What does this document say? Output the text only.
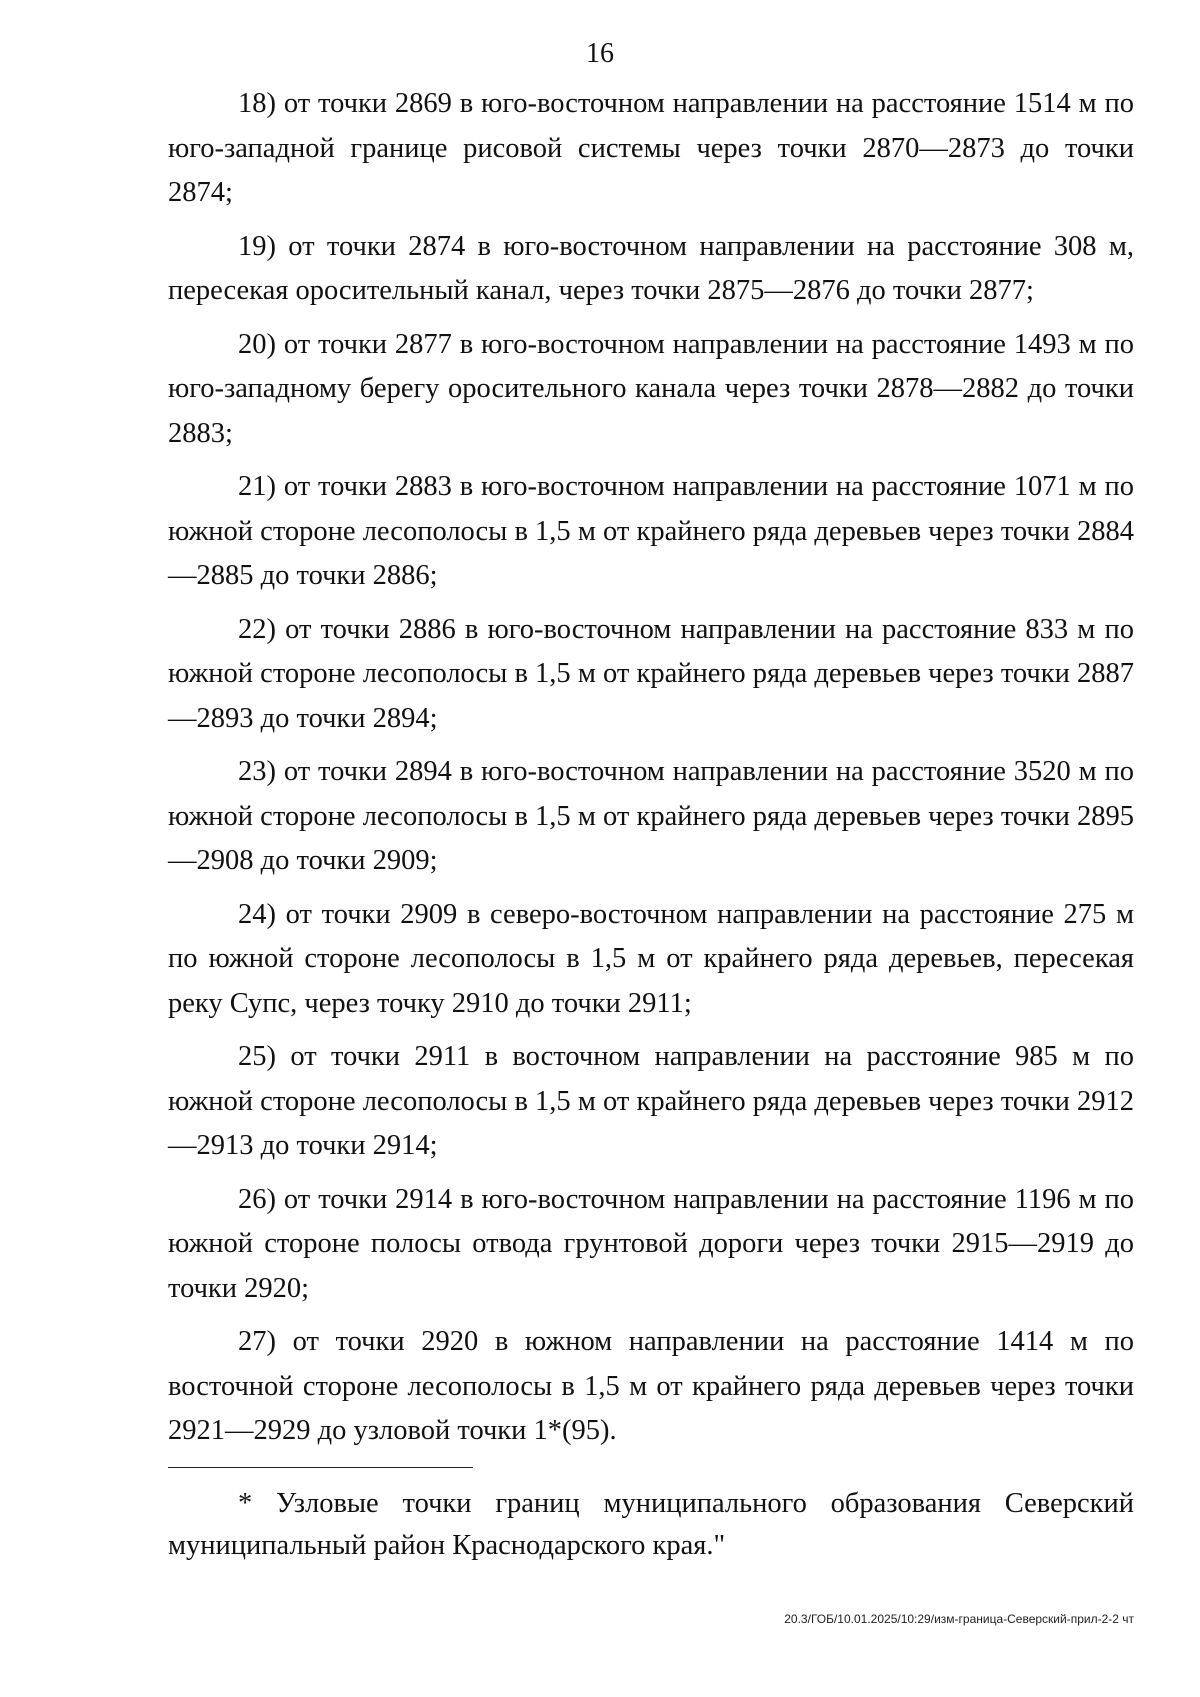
16

18) от точки 2869 в юго-восточном направлении на расстояние 1514 м по юго-западной границе рисовой системы через точки 2870—2873 до точки 2874;

19) от точки 2874 в юго-восточном направлении на расстояние 308 м, пересекая оросительный канал, через точки 2875—2876 до точки 2877;

20) от точки 2877 в юго-восточном направлении на расстояние 1493 м по юго-западному берегу оросительного канала через точки 2878—2882 до точки 2883;

21) от точки 2883 в юго-восточном направлении на расстояние 1071 м по южной стороне лесополосы в 1,5 м от крайнего ряда деревьев через точки 2884—2885 до точки 2886;

22) от точки 2886 в юго-восточном направлении на расстояние 833 м по южной стороне лесополосы в 1,5 м от крайнего ряда деревьев через точки 2887—2893 до точки 2894;

23) от точки 2894 в юго-восточном направлении на расстояние 3520 м по южной стороне лесополосы в 1,5 м от крайнего ряда деревьев через точки 2895—2908 до точки 2909;

24) от точки 2909 в северо-восточном направлении на расстояние 275 м по южной стороне лесополосы в 1,5 м от крайнего ряда деревьев, пересекая реку Супс, через точку 2910 до точки 2911;

25) от точки 2911 в восточном направлении на расстояние 985 м по южной стороне лесополосы в 1,5 м от крайнего ряда деревьев через точки 2912—2913 до точки 2914;

26) от точки 2914 в юго-восточном направлении на расстояние 1196 м по южной стороне полосы отвода грунтовой дороги через точки 2915—2919 до точки 2920;

27) от точки 2920 в южном направлении на расстояние 1414 м по восточной стороне лесополосы в 1,5 м от крайнего ряда деревьев через точки 2921—2929 до узловой точки 1*(95).

* Узловые точки границ муниципального образования Северский муниципальный район Краснодарского края."

20.3/ГОБ/10.01.2025/10:29/изм-граница-Северский-прил-2-2 чт
